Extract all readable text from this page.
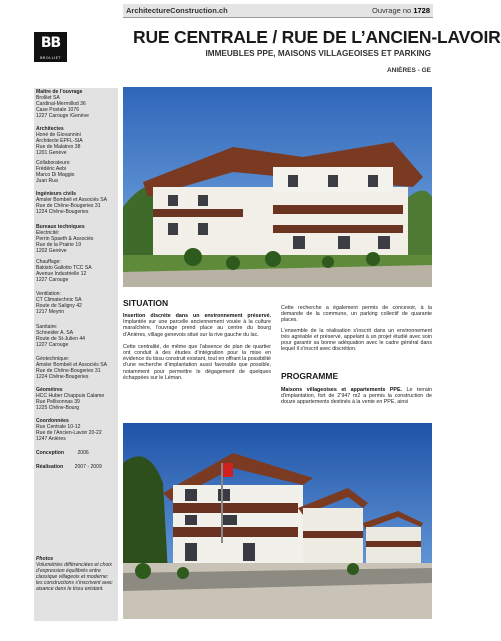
ArchitectureConstruction.ch	Ouvrage no 1728
BB
BROLLIET
RUE CENTRALE / RUE DE L’ANCIEN-LAVOIR
IMMEUBLES PPE, MAISONS VILLAGEOISES ET PARKING
ANIÈRES - GE
Maître de l’ouvrage
Brolliet SA
Cardinal-Mermillod 36
Case Postale 1076
1227 Carouge /Genève
Architectes
Honé de Giovannini
Architecte EPFL-SIA
Rue de Malatrex 38
1201 Genève
Collaborateurs:
Frédéric Aebi
Marco Di Maggio
Juan Rua
Ingénieurs civils
Amsler Bombeli et Associés SA
Rue de Chêne-Bougeries 31
1224 Chêne-Bougeries
Bureaux techniques
Electricité:
Perrin Spaeth & Associés
Rue de la Prairie 19
1202 Genève
Chauffage:
Bakisto Gallotto TCC SA
Avenue Industrielle 12
1227 Carouge
Ventilation:
CT Climatechnic SA
Route de Saligny 42
1217 Meyrin
Sanitaire:
Schneider A. SA
Route de St-Julien 44
1227 Carouge
Géotechnique:
Amsler Bombeli et Associés SA
Rue de Chêne-Bougeries 31
1224 Chêne-Bougeries
Géomètres
HCC Huber Chappuis Calame
Rue Pellisonnas 39
1225 Chêne-Bourg
Coordonnées
Rue Centrale 10-12
Rue de l’Ancien-Lavoir 20-22
1247 Anières
Conception	2006
Réalisation 2007 - 2009
Photos
Volumétries différenciées et choix d’expression équilibrés entre classique villageois et moderne: les constructions s’inscrivent avec aisance dans le tissu existant.
SITUATION

Insertion discrète dans un environnement préservé. Implantée sur une parcelle anciennement vouée à la culture maraîchère, l’ouvrage prend place au centre du bourg d’Anières, village genevois situé sur la rive gauche du lac.

Cette centralité, de même que l’absence de plan de quartier ont conduit à des études d’intégration pour la mise en évidence du tissu construit existant, tout en offrant la possibilité d’une recherche d’implantation aussi favorable que possible, notamment pour permettre le dégagement de quelques échappées sur le Léman.

Cette recherche a également permis de concevoir, à la demande de la commune, un parking collectif de quarante places.

L’ensemble de la réalisation s’inscrit dans un environnement très agréable et préservé, appelant à un projet étudié avec soin pour garantir sa bonne adéquation avec le cadre général dans lequel il s’inscrit avec discrétion.

PROGRAMME

Maisons villageoises et appartements PPE. Le terrain d’implantation, fort de 2’947 m2 a permis la construction de douze appartements destinés à la vente en PPE, ainsi
